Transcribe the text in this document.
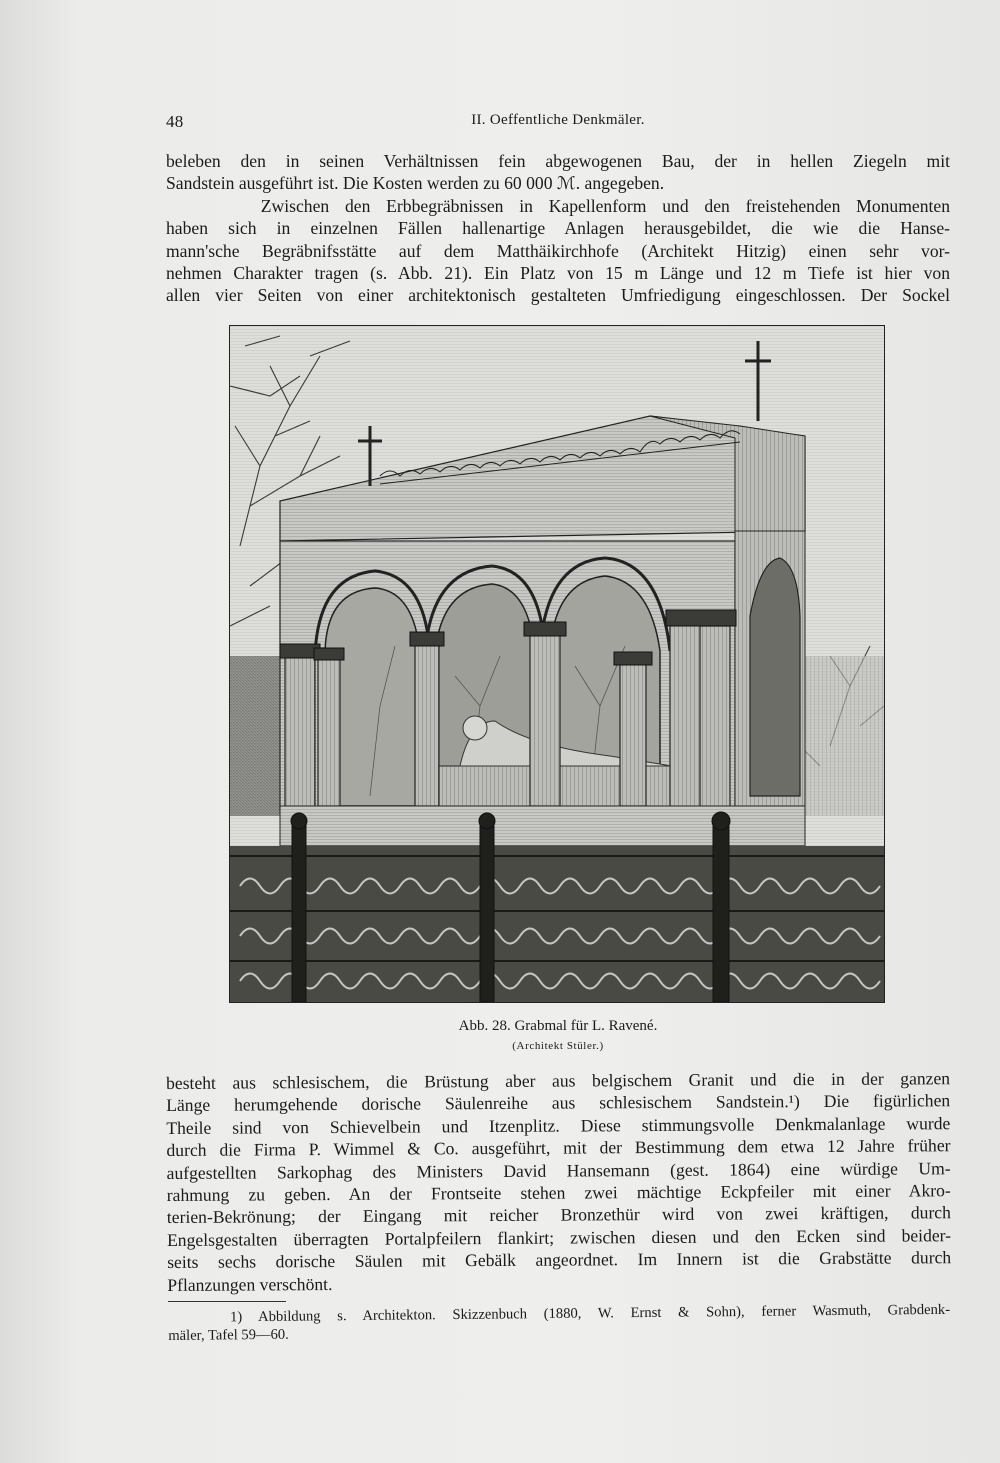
48	II. Oeffentliche Denkmäler.
beleben den in seinen Verhältnissen fein abgewogenen Bau, der in hellen Ziegeln mit
Sandstein ausgeführt ist. Die Kosten werden zu 60 000 ℳ. angegeben.
Zwischen den Erbbegräbnissen in Kapellenform und den freistehenden Monumenten
haben sich in einzelnen Fällen hallenartige Anlagen herausgebildet, die wie die Hanse-
mann'sche Begräbnifsstätte auf dem Matthäikirchhofe (Architekt Hitzig) einen sehr vor-
nehmen Charakter tragen (s. Abb. 21). Ein Platz von 15 m Länge und 12 m Tiefe ist hier von
allen vier Seiten von einer architektonisch gestalteten Umfriedigung eingeschlossen. Der Sockel
Abb. 28. Grabmal für L. Ravené.
(Architekt Stüler.)
besteht aus schlesischem, die Brüstung aber aus belgischem Granit und die in der ganzen
Länge herumgehende dorische Säulenreihe aus schlesischem Sandstein.¹) Die figürlichen
Theile sind von Schievelbein und Itzenplitz. Diese stimmungsvolle Denkmalanlage wurde
durch die Firma P. Wimmel & Co. ausgeführt, mit der Bestimmung dem etwa 12 Jahre früher
aufgestellten Sarkophag des Ministers David Hansemann (gest. 1864) eine würdige Um-
rahmung zu geben. An der Frontseite stehen zwei mächtige Eckpfeiler mit einer Akro-
terien-Bekrönung; der Eingang mit reicher Bronzethür wird von zwei kräftigen, durch
Engelsgestalten überragten Portalpfeilern flankirt; zwischen diesen und den Ecken sind beider-
seits sechs dorische Säulen mit Gebälk angeordnet. Im Innern ist die Grabstätte durch
Pflanzungen verschönt.
1) Abbildung s. Architekton. Skizzenbuch (1880, W. Ernst & Sohn), ferner Wasmuth, Grabdenk-
mäler, Tafel 59—60.
